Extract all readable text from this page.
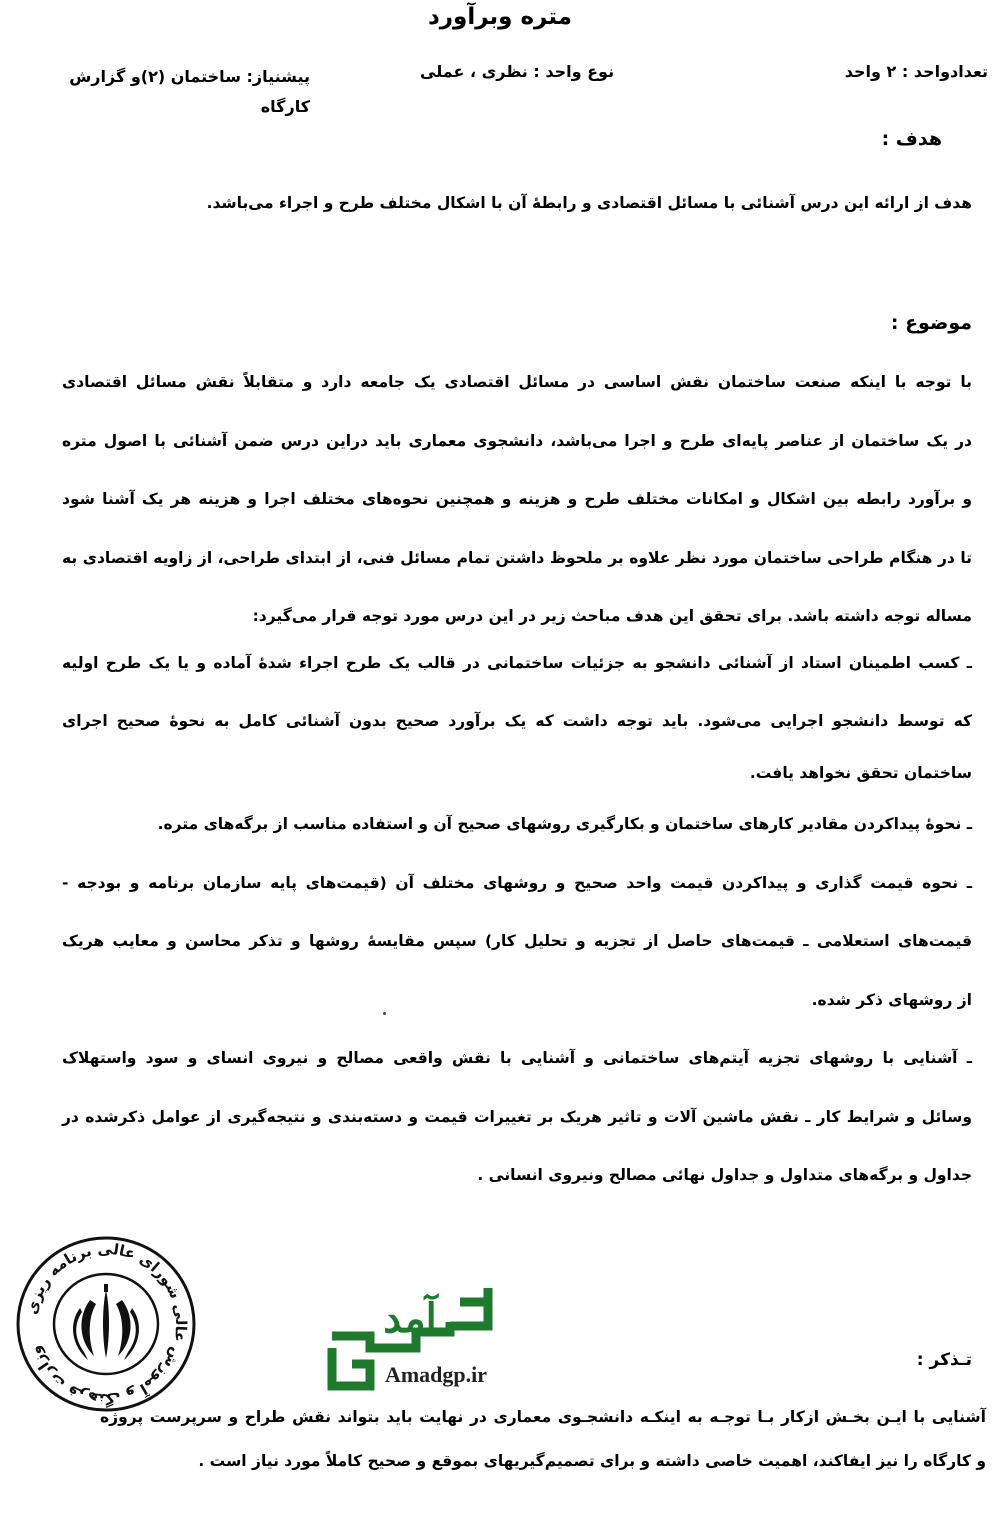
متره وبرآورد
تعدادواحد : ۲ واحد
نوع واحد : نظری ، عملی
پیشنیاز: ساختمان (۲)و گزارش کارگاه
هدف :
هدف از ارائه این درس آشنائی با مسائل اقتصادی و رابطهٔ آن با اشکال مختلف طرح و اجراء می‌باشد.
موضوع :
با توجه با اینکه صنعت ساختمان نقش اساسی در مسائل اقتصادی یک جامعه دارد و متقابلاً نقش مسائل اقتصادی
در یک ساختمان از عناصر پایه‌ای طرح و اجرا می‌باشد، دانشجوی معماری باید دراین درس ضمن آشنائی با اصول متره
و برآورد رابطه بین اشکال و امکانات مختلف طرح و هزینه و همچنین نحوه‌های مختلف اجرا و هزینه هر یک آشنا شود
تا در هنگام طراحی ساختمان مورد نظر علاوه بر ملحوظ داشتن تمام مسائل فنی، از ابتدای طراحی، از زاویه اقتصادی به
مساله توجه داشته باشد. برای تحقق این هدف مباحث زیر در این درس مورد توجه قرار می‌گیرد:
ـ کسب اطمینان استاد از آشنائی دانشجو به جزئیات ساختمانی در قالب یک طرح اجراء شدهٔ آماده و یا یک طرح اولیه
که توسط دانشجو اجرایی می‌شود. باید توجه داشت که یک برآورد صحیح بدون آشنائی کامل به نحوهٔ صحیح اجرای
ساختمان تحقق نخواهد یافت.
ـ نحوهٔ پیداکردن مقادیر کارهای ساختمان و بکارگیری روشهای صحیح آن و استفاده مناسب از برگه‌های متره.
ـ نحوه قیمت گذاری و پیداکردن قیمت واحد صحیح و روشهای مختلف آن (قیمت‌های پایه سازمان برنامه و بودجه -
قیمت‌های استعلامی ـ قیمت‌های حاصل از تجزیه و تحلیل کار) سپس مقایسهٔ روشها و تذکر محاسن و معایب هریک
از روشهای ذکر شده.
ـ آشنایی با روشهای تجزیه آیتم‌های ساختمانی و آشنایی با نقش واقعی مصالح و نیروی انسای و سود واستهلاک
وسائل و شرایط کار ـ نقش ماشین آلات و تاثیر هریک بر تغییرات قیمت و دسته‌بندی و نتیجه‌گیری از عوامل ذکرشده در
جداول و برگه‌های متداول و جداول نهائی مصالح ونیروی انسانی .
وزارت فرهنگ و آموزش عالی شورای عالی برنامه ریزی
آمد
Amadgp.ir
تـذکر :
آشنایی با ایـن بخـش ازکار بـا توجـه به اینکـه دانشجـوی معماری در نهایت باید بتواند نقش طراح و سرپرست پروژه
و کارگاه را نیز ایفاکند، اهمیت خاصی داشته و برای تصمیم‌گیریهای بموقع و صحیح کاملاً مورد نیاز است .
